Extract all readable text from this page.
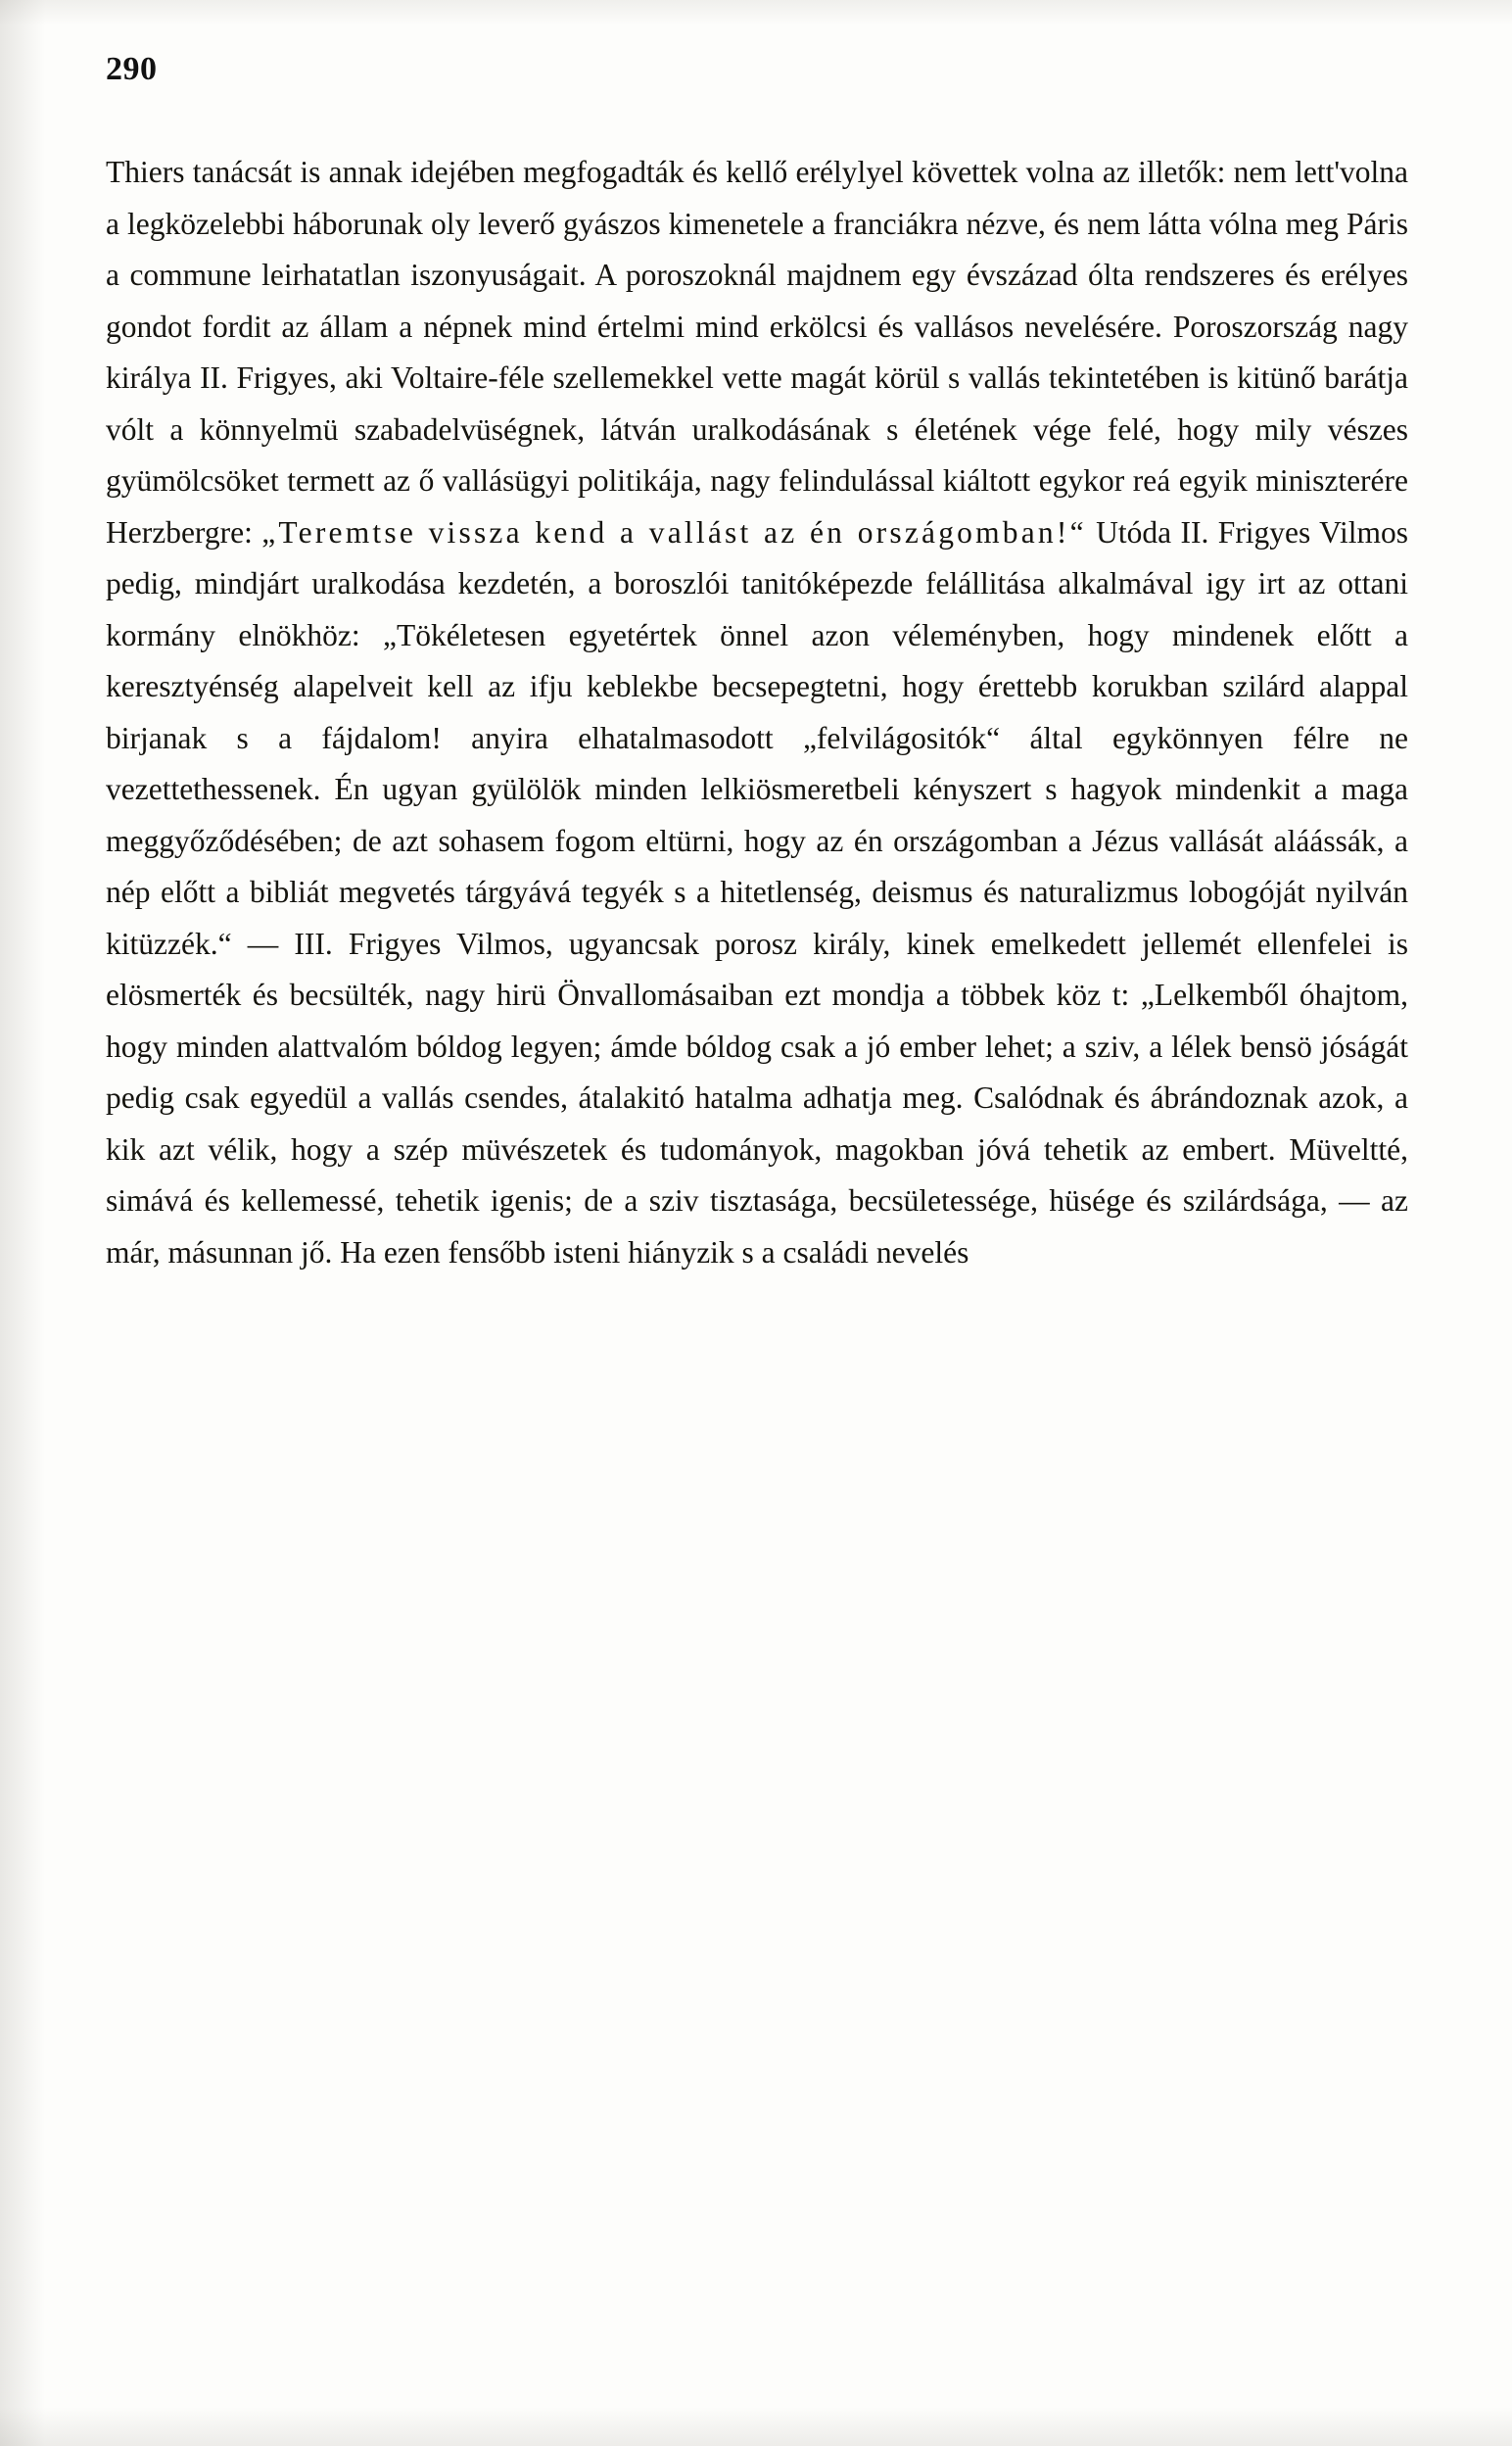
290

Thiers tanácsát is annak idejében megfogadták és kellő erélylyel követtek volna az illetők: nem lett'volna a legközelebbi háborunak oly leverő gyászos kimenetele a franciákra nézve, és nem látta vólna meg Páris a commune leirhatatlan iszonyuságait. A poroszoknál majdnem egy évszázad ólta rendszeres és erélyes gondot fordit az állam a népnek mind értelmi mind erkölcsi és vallásos nevelésére. Poroszország nagy királya II. Frigyes, aki Voltaire-féle szellemekkel vette magát körül s vallás tekintetében is kitünő barátja vólt a könnyelmü szabadelvüségnek, látván uralkodásának s életének vége felé, hogy mily vészes gyümölcsöket termett az ő vallásügyi politikája, nagy felindulással kiáltott egykor reá egyik miniszterére Herzbergre: „Teremtse vissza kend a vallást az én országomban!“ Utóda II. Frigyes Vilmos pedig, mindjárt uralkodása kezdetén, a boroszlói tanitóképezde felállitása alkalmával igy irt az ottani kormány elnökhöz: „Tökéletesen egyetértek önnel azon véleményben, hogy mindenek előtt a keresztyénség alapelveit kell az ifju keblekbe becsepegtetni, hogy érettebb korukban szilárd alappal birjanak s a fájdalom! anyira elhatalmasodott „felvilágositók“ által egykönnyen félre ne vezettethessenek. Én ugyan gyülölök minden lelkiösmeretbeli kényszert s hagyok mindenkit a maga meggyőződésében; de azt sohasem fogom eltürni, hogy az én országomban a Jézus vallását aláássák, a nép előtt a bibliát megvetés tárgyává tegyék s a hitetlenség, deismus és naturalizmus lobogóját nyilván kitüzzék.“ — III. Frigyes Vilmos, ugyancsak porosz király, kinek emelkedett jellemét ellenfelei is elösmerték és becsülték, nagy hirü Önvallomásaiban ezt mondja a többek köz t: „Lelkemből óhajtom, hogy minden alattvalóm bóldog legyen; ámde bóldog csak a jó ember lehet; a sziv, a lélek bensö jóságát pedig csak egyedül a vallás csendes, átalakitó hatalma adhatja meg. Csalódnak és ábrándoznak azok, a kik azt vélik, hogy a szép müvészetek és tudományok, magokban jóvá tehetik az embert. Müveltté, simává és kellemessé, tehetik igenis; de a sziv tisztasága, becsületessége, hüsége és szilárdsága, — az már, másunnan jő. Ha ezen fensőbb isteni hiányzik s a családi nevelés
